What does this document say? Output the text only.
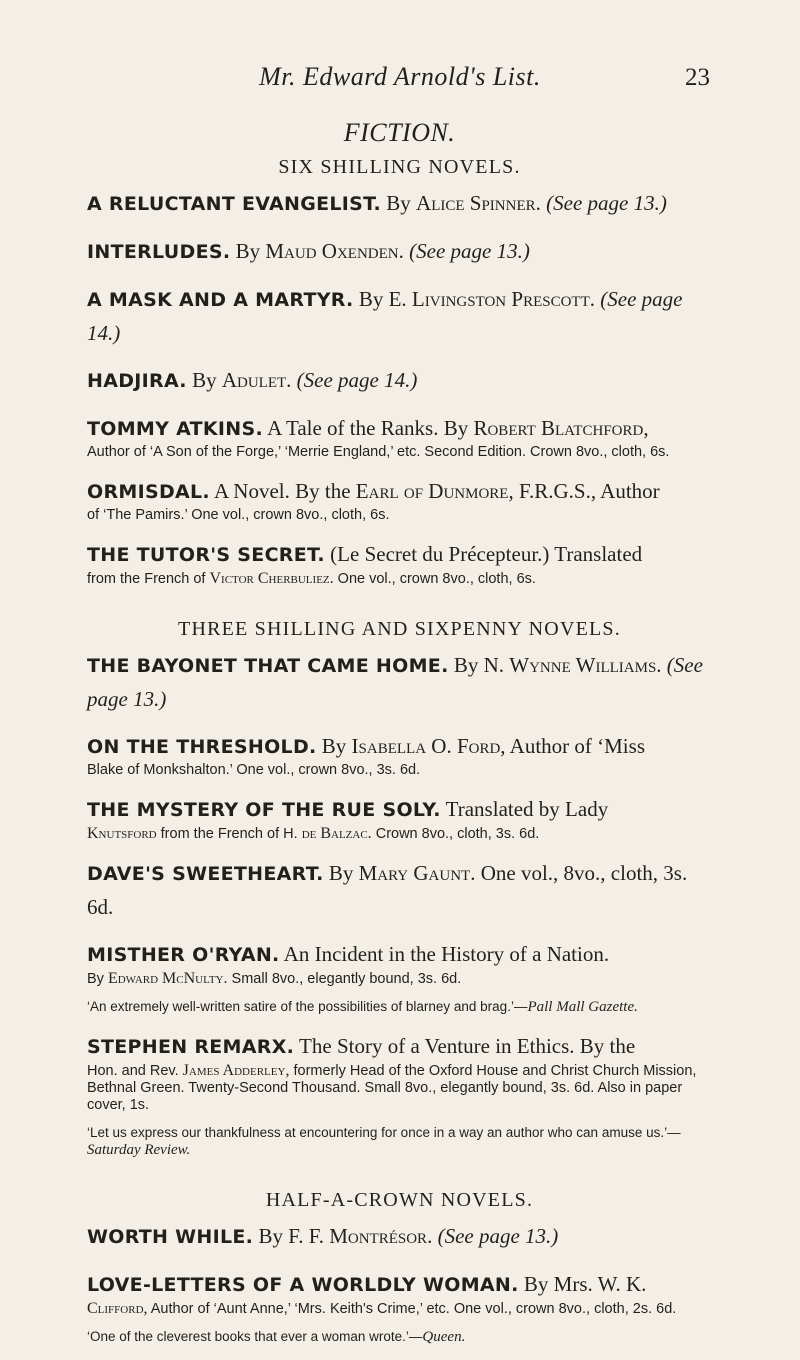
Mr. Edward Arnold's List.	23
FICTION.
SIX SHILLING NOVELS.
A RELUCTANT EVANGELIST. By Alice Spinner. (See page 13.)
INTERLUDES. By Maud Oxenden. (See page 13.)
A MASK AND A MARTYR. By E. Livingston Prescott. (See page 14.)
HADJIRA. By Adulet. (See page 14.)
TOMMY ATKINS. A Tale of the Ranks. By Robert Blatchford,
Author of ‘A Son of the Forge,’ ‘Merrie England,’ etc. Second Edition. Crown 8vo., cloth, 6s.
ORMISDAL. A Novel. By the Earl of Dunmore, F.R.G.S., Author
of ‘The Pamirs.’ One vol., crown 8vo., cloth, 6s.
THE TUTOR'S SECRET. (Le Secret du Précepteur.) Translated
from the French of Victor Cherbuliez. One vol., crown 8vo., cloth, 6s.
THREE SHILLING AND SIXPENNY NOVELS.
THE BAYONET THAT CAME HOME. By N. Wynne Williams. (See page 13.)
ON THE THRESHOLD. By Isabella O. Ford, Author of ‘Miss
Blake of Monkshalton.’ One vol., crown 8vo., 3s. 6d.
THE MYSTERY OF THE RUE SOLY. Translated by Lady
Knutsford from the French of H. de Balzac. Crown 8vo., cloth, 3s. 6d.
DAVE'S SWEETHEART. By Mary Gaunt. One vol., 8vo., cloth, 3s. 6d.
MISTHER O'RYAN. An Incident in the History of a Nation.
By Edward McNulty. Small 8vo., elegantly bound, 3s. 6d.
‘An extremely well-written satire of the possibilities of blarney and brag.’—Pall Mall Gazette.
STEPHEN REMARX. The Story of a Venture in Ethics. By the
Hon. and Rev. James Adderley, formerly Head of the Oxford House and Christ Church Mission, Bethnal Green. Twenty-Second Thousand. Small 8vo., elegantly bound, 3s. 6d. Also in paper cover, 1s.
‘Let us express our thankfulness at encountering for once in a way an author who can amuse us.’—Saturday Review.
HALF-A-CROWN NOVELS.
WORTH WHILE. By F. F. Montrésor. (See page 13.)
LOVE-LETTERS OF A WORLDLY WOMAN. By Mrs. W. K.
Clifford, Author of ‘Aunt Anne,’ ‘Mrs. Keith's Crime,’ etc. One vol., crown 8vo., cloth, 2s. 6d.
‘One of the cleverest books that ever a woman wrote.’—Queen.
